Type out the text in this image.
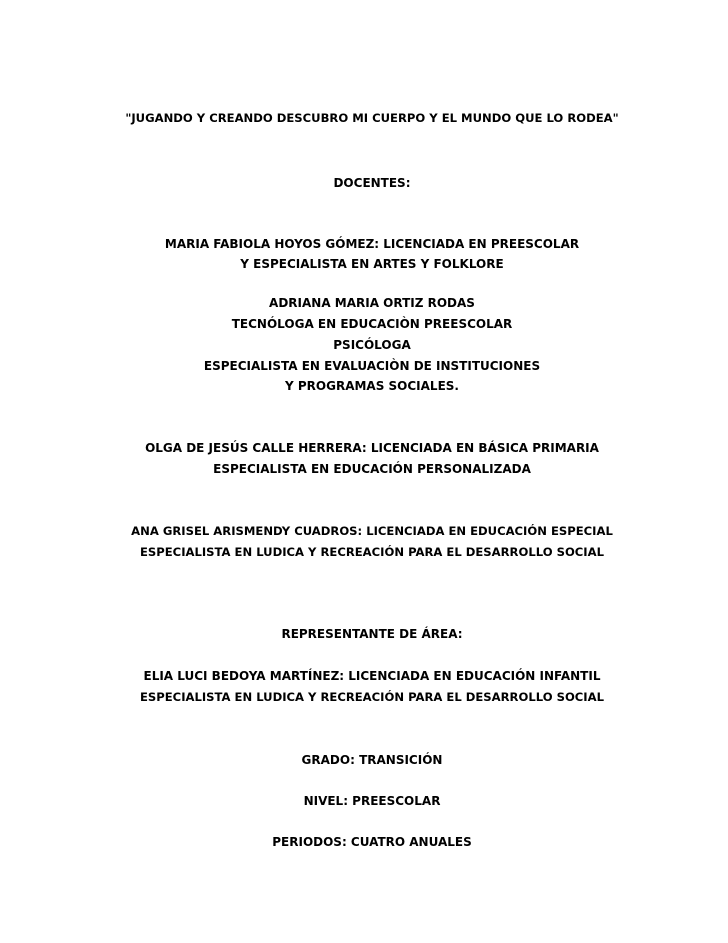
"JUGANDO Y CREANDO DESCUBRO MI CUERPO Y EL MUNDO QUE LO RODEA"
DOCENTES:
MARIA FABIOLA HOYOS GÓMEZ: LICENCIADA EN PREESCOLAR
Y ESPECIALISTA EN ARTES Y FOLKLORE
ADRIANA MARIA ORTIZ RODAS
TECNÓLOGA EN EDUCACIÒN PREESCOLAR
PSICÓLOGA
ESPECIALISTA EN EVALUACIÒN DE INSTITUCIONES
Y PROGRAMAS SOCIALES.
OLGA DE JESÚS CALLE HERRERA: LICENCIADA EN BÁSICA PRIMARIA
ESPECIALISTA EN EDUCACIÓN PERSONALIZADA
ANA GRISEL ARISMENDY CUADROS: LICENCIADA EN EDUCACIÓN ESPECIAL
ESPECIALISTA EN LUDICA Y RECREACIÓN PARA EL DESARROLLO SOCIAL
REPRESENTANTE DE ÁREA:
ELIA LUCI BEDOYA MARTÍNEZ: LICENCIADA EN EDUCACIÓN INFANTIL
ESPECIALISTA EN LUDICA Y RECREACIÓN PARA EL DESARROLLO SOCIAL
GRADO: TRANSICIÓN
NIVEL: PREESCOLAR
PERIODOS: CUATRO ANUALES
